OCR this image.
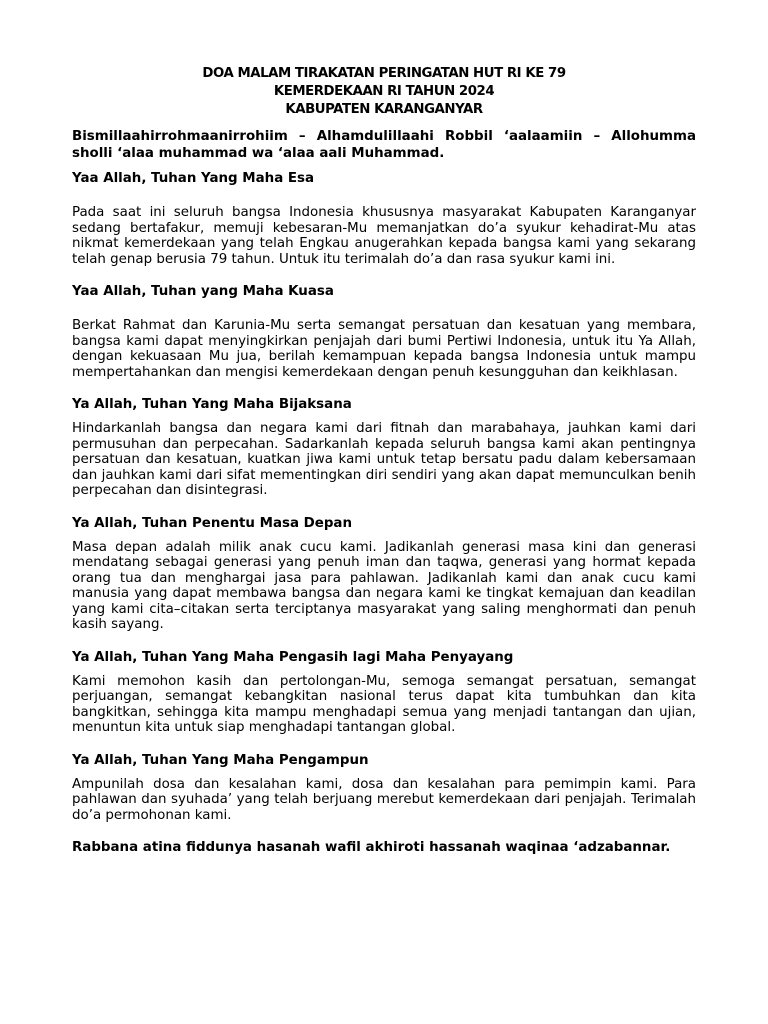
DOA MALAM TIRAKATAN PERINGATAN HUT RI KE 79
KEMERDEKAAN RI TAHUN 2024
KABUPATEN KARANGANYAR

Bismillaahirrohmaanirrohiim – Alhamdulillaahi Robbil ‘aalaamiin – Allohumma sholli ‘alaa muhammad wa ‘alaa aali Muhammad.

Yaa Allah, Tuhan Yang Maha Esa

Pada saat ini seluruh bangsa Indonesia khususnya masyarakat Kabupaten Karanganyar sedang bertafakur, memuji kebesaran-Mu memanjatkan do’a syukur kehadirat-Mu atas nikmat kemerdekaan yang telah Engkau anugerahkan kepada bangsa kami yang sekarang telah genap berusia 79 tahun. Untuk itu terimalah do’a dan rasa syukur kami ini.

Yaa Allah, Tuhan yang Maha Kuasa

Berkat Rahmat dan Karunia-Mu serta semangat persatuan dan kesatuan yang membara, bangsa kami dapat menyingkirkan penjajah dari bumi Pertiwi Indonesia, untuk itu Ya Allah, dengan kekuasaan Mu jua, berilah kemampuan kepada bangsa Indonesia untuk mampu mempertahankan dan mengisi kemerdekaan dengan penuh kesungguhan dan keikhlasan.

Ya Allah, Tuhan Yang Maha Bijaksana

Hindarkanlah bangsa dan negara kami dari fitnah dan marabahaya, jauhkan kami dari permusuhan dan perpecahan. Sadarkanlah kepada seluruh bangsa kami akan pentingnya persatuan dan kesatuan, kuatkan jiwa kami untuk tetap bersatu padu dalam kebersamaan dan jauhkan kami dari sifat mementingkan diri sendiri yang akan dapat memunculkan benih perpecahan dan disintegrasi.

Ya Allah, Tuhan Penentu Masa Depan

Masa depan adalah milik anak cucu kami. Jadikanlah generasi masa kini dan generasi mendatang sebagai generasi yang penuh iman dan taqwa, generasi yang hormat kepada orang tua dan menghargai jasa para pahlawan. Jadikanlah kami dan anak cucu kami manusia yang dapat membawa bangsa dan negara kami ke tingkat kemajuan dan keadilan yang kami cita–citakan serta terciptanya masyarakat yang saling menghormati dan penuh kasih sayang.

Ya Allah, Tuhan Yang Maha Pengasih lagi Maha Penyayang

Kami memohon kasih dan pertolongan-Mu, semoga semangat persatuan, semangat perjuangan, semangat kebangkitan nasional terus dapat kita tumbuhkan dan kita bangkitkan, sehingga kita mampu menghadapi semua yang menjadi tantangan dan ujian, menuntun kita untuk siap menghadapi tantangan global.

Ya Allah, Tuhan Yang Maha Pengampun

Ampunilah dosa dan kesalahan kami, dosa dan kesalahan para pemimpin kami. Para pahlawan dan syuhada’ yang telah berjuang merebut kemerdekaan dari penjajah. Terimalah do’a permohonan kami.

Rabbana atina fiddunya hasanah wafil akhiroti hassanah waqinaa ‘adzabannar.
